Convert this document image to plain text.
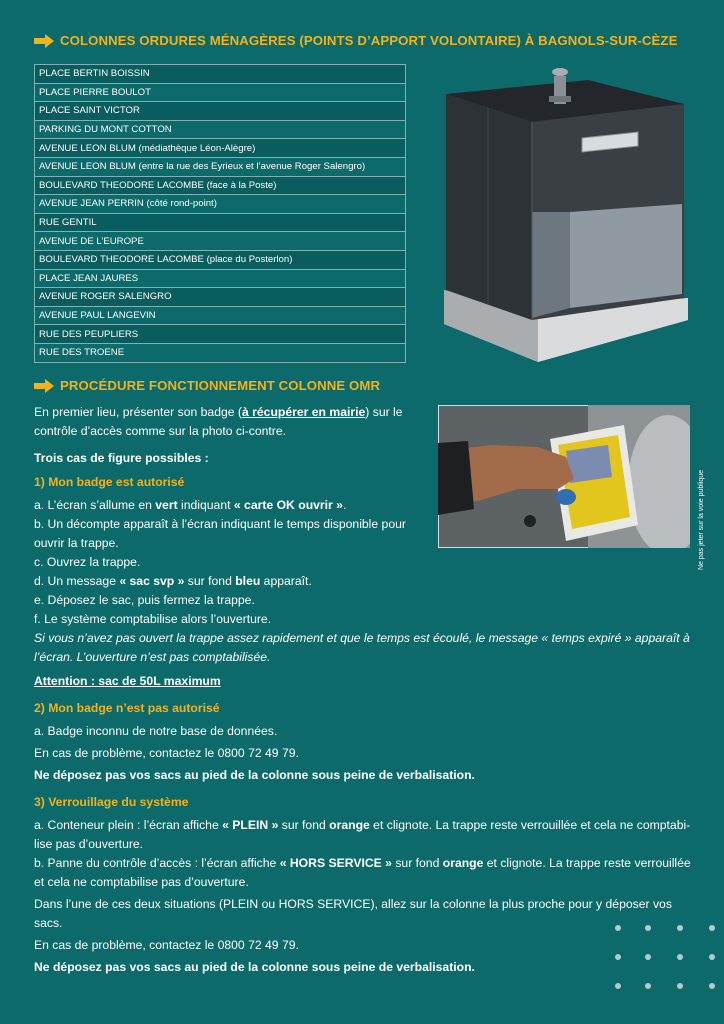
COLONNES ORDURES MÉNAGÈRES (POINTS D’APPORT VOLONTAIRE) À BAGNOLS-SUR-CÈZE
PLACE BERTIN BOISSIN
PLACE PIERRE BOULOT
PLACE SAINT VICTOR
PARKING DU MONT COTTON
AVENUE LEON BLUM (médiathèque Léon-Alègre)
AVENUE LEON BLUM (entre la rue des Eyrieux et l’avenue Roger Salengro)
BOULEVARD THEODORE LACOMBE (face à la Poste)
AVENUE JEAN PERRIN (côté rond-point)
RUE GENTIL
AVENUE DE L’EUROPE
BOULEVARD THEODORE LACOMBE (place du Posterlon)
PLACE JEAN JAURES
AVENUE ROGER SALENGRO
AVENUE PAUL LANGEVIN
RUE DES PEUPLIERS
RUE DES TROENE
PROCÉDURE FONCTIONNEMENT COLONNE OMR
Ne pas jeter sur la voie publique

En premier lieu, présenter son badge (à récupérer en mairie) sur le contrôle d’accès comme sur la photo ci-contre.

Trois cas de figure possibles :

1) Mon badge est autorisé

a. L’écran s’allume en vert indiquant « carte OK ouvrir ».

b. Un décompte apparaît à l’écran indiquant le temps disponible pour ouvrir la trappe.

c. Ouvrez la trappe.

d. Un message « sac svp » sur fond bleu apparaît.

e. Déposez le sac, puis fermez la trappe.

f. Le système comptabilise alors l’ouverture.

Si vous n’avez pas ouvert la trappe assez rapidement et que le temps est écoulé, le message « temps expiré » apparaît à l’écran. L’ouverture n’est pas comptabilisée.

Attention : sac de 50L maximum

2) Mon badge n’est pas autorisé

a. Badge inconnu de notre base de données.

En cas de problème, contactez le 0800 72 49 79.

Ne déposez pas vos sacs au pied de la colonne sous peine de verbalisation.

3) Verrouillage du système

a. Conteneur plein : l’écran affiche « PLEIN » sur fond orange et clignote. La trappe reste verrouillée et cela ne comptabi-lise pas d’ouverture.

b. Panne du contrôle d’accès : l’écran affiche « HORS SERVICE » sur fond orange et clignote. La trappe reste verrouillée et cela ne comptabilise pas d’ouverture.

Dans l’une de ces deux situations (PLEIN ou HORS SERVICE), allez sur la colonne la plus proche pour y déposer vos sacs.

En cas de problème, contactez le 0800 72 49 79.

Ne déposez pas vos sacs au pied de la colonne sous peine de verbalisation.
